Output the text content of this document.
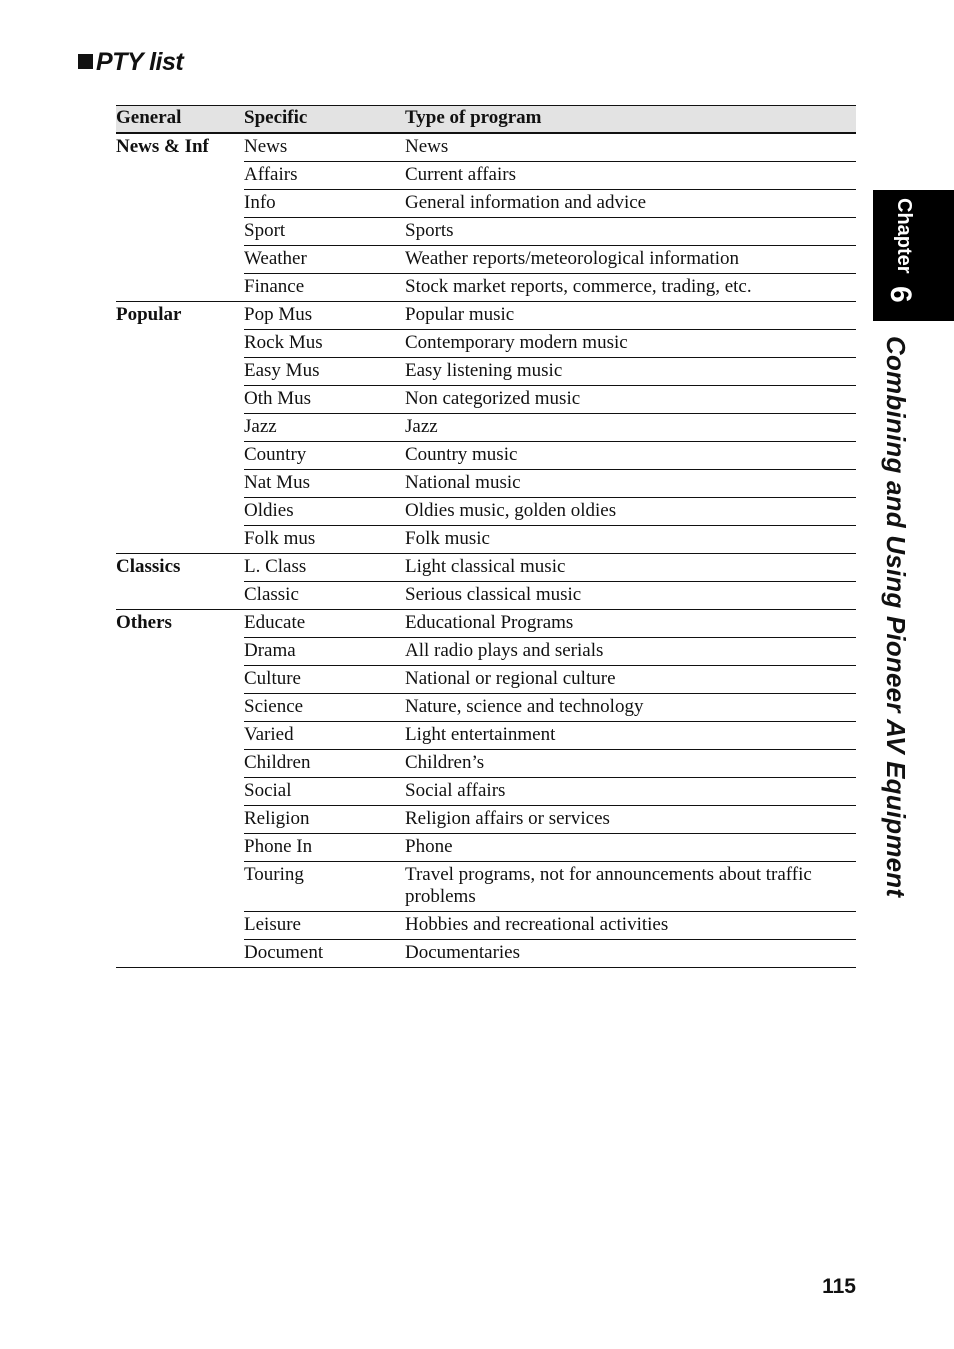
PTY list
General	Specific	Type of program
News & Inf	News	News
	Affairs	Current affairs
	Info	General information and advice
	Sport	Sports
	Weather	Weather reports/meteorological information
	Finance	Stock market reports, commerce, trading, etc.
Popular	Pop Mus	Popular music
	Rock Mus	Contemporary modern music
	Easy Mus	Easy listening music
	Oth Mus	Non categorized music
	Jazz	Jazz
	Country	Country music
	Nat Mus	National music
	Oldies	Oldies music, golden oldies
	Folk mus	Folk music
Classics	L. Class	Light classical music
	Classic	Serious classical music
Others	Educate	Educational Programs
	Drama	All radio plays and serials
	Culture	National or regional culture
	Science	Nature, science and technology
	Varied	Light entertainment
	Children	Children’s
	Social	Social affairs
	Religion	Religion affairs or services
	Phone In	Phone
	Touring	Travel programs, not for announcements about traffic problems
	Leisure	Hobbies and recreational activities
	Document	Documentaries
Chapter
6
Combining and Using Pioneer AV Equipment
115
